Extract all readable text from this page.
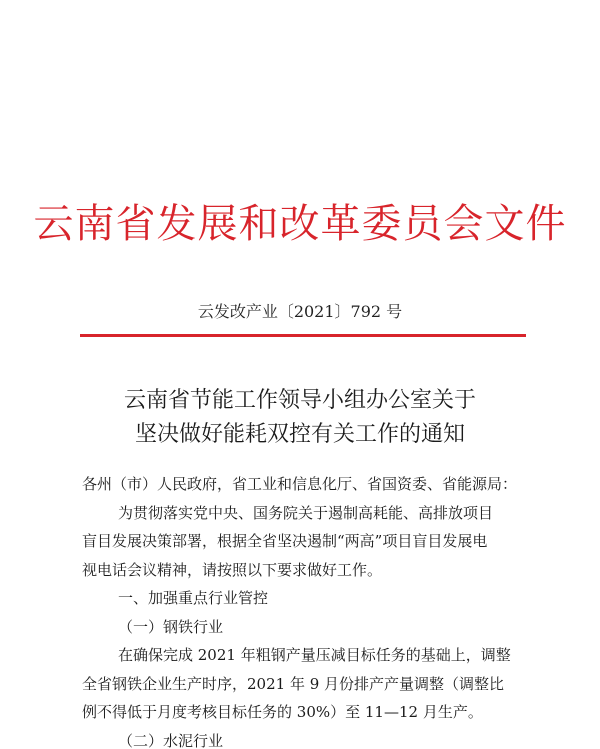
云南省发展和改革委员会文件
云发改产业〔2021〕792 号
云南省节能工作领导小组办公室关于
坚决做好能耗双控有关工作的通知

各州（市）人民政府，省工业和信息化厅、省国资委、省能源局：

为贯彻落实党中央、国务院关于遏制高耗能、高排放项目

盲目发展决策部署，根据全省坚决遏制“两高”项目盲目发展电

视电话会议精神，请按照以下要求做好工作。

一、加强重点行业管控

（一）钢铁行业

在确保完成 2021 年粗钢产量压减目标任务的基础上，调整

全省钢铁企业生产时序，2021 年 9 月份排产产量调整（调整比

例不得低于月度考核目标任务的 30%）至 11—12 月生产。

（二）水泥行业
